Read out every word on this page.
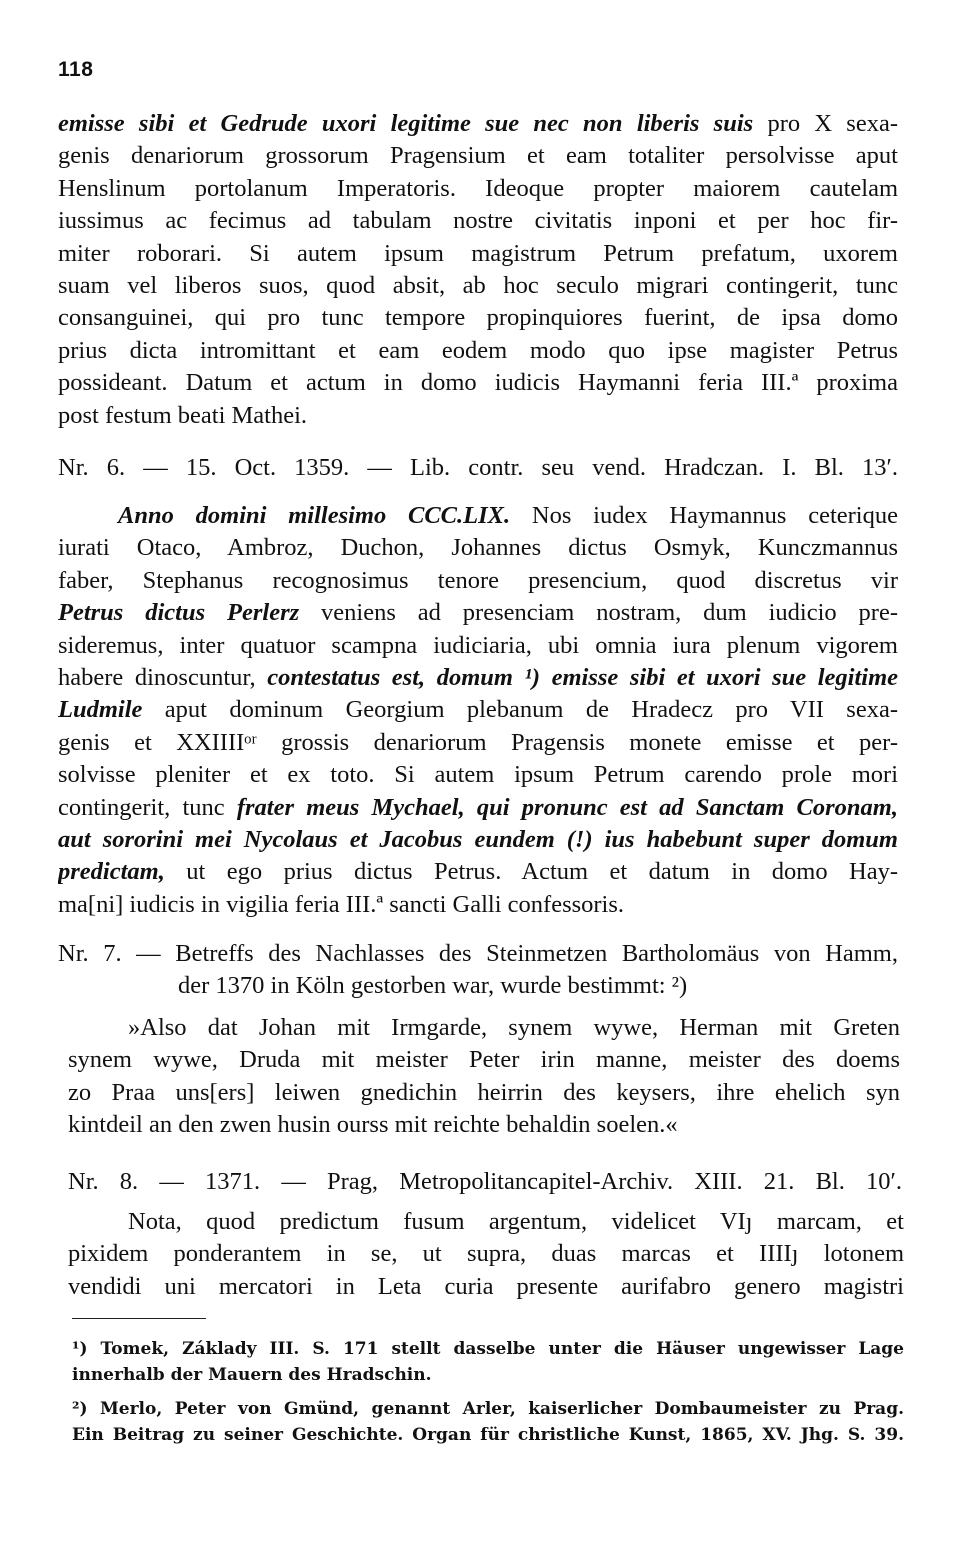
118
emisse sibi et Gedrude uxori legitime sue nec non liberis suis pro X sexa-
genis denariorum grossorum Pragensium et eam totaliter persolvisse aput
Henslinum portolanum Imperatoris. Ideoque propter maiorem cautelam
iussimus ac fecimus ad tabulam nostre civitatis inponi et per hoc fir-
miter roborari. Si autem ipsum magistrum Petrum prefatum, uxorem
suam vel liberos suos, quod absit, ab hoc seculo migrari contingerit, tunc
consanguinei, qui pro tunc tempore propinquiores fuerint, de ipsa domo
prius dicta intromittant et eam eodem modo quo ipse magister Petrus
possideant. Datum et actum in domo iudicis Haymanni feria III.ª proxima
post festum beati Mathei.
Nr. 6. — 15. Oct. 1359. — Lib. contr. seu vend. Hradczan. I. Bl. 13′.
Anno domini millesimo CCC.LIX. Nos iudex Haymannus ceterique
iurati Otaco, Ambroz, Duchon, Johannes dictus Osmyk, Kunczmannus
faber, Stephanus recognosimus tenore presencium, quod discretus vir
Petrus dictus Perlerz veniens ad presenciam nostram, dum iudicio pre-
sideremus, inter quatuor scampna iudiciaria, ubi omnia iura plenum vigorem
habere dinoscuntur, contestatus est, domum ¹) emisse sibi et uxori sue legitime
Ludmile aput dominum Georgium plebanum de Hradecz pro VII sexa-
genis et XXIIIIᵒʳ grossis denariorum Pragensis monete emisse et per-
solvisse pleniter et ex toto. Si autem ipsum Petrum carendo prole mori
contingerit, tunc frater meus Mychael, qui pronunc est ad Sanctam Coronam,
aut sororini mei Nycolaus et Jacobus eundem (!) ius habebunt super domum
predictam, ut ego prius dictus Petrus. Actum et datum in domo Hay-
ma[ni] iudicis in vigilia feria III.ª sancti Galli confessoris.
Nr. 7. — Betreffs des Nachlasses des Steinmetzen Bartholomäus von Hamm,
der 1370 in Köln gestorben war, wurde bestimmt: ²)
»Also dat Johan mit Irmgarde, synem wywe, Herman mit Greten
synem wywe, Druda mit meister Peter irin manne, meister des doems
zo Praa uns[ers] leiwen gnedichin heirrin des keysers, ihre ehelich syn
kintdeil an den zwen husin ourss mit reichte behaldin soelen.«
Nr. 8. — 1371. — Prag, Metropolitancapitel-Archiv. XIII. 21. Bl. 10′.
Nota, quod predictum fusum argentum, videlicet VIȷ marcam, et
pixidem ponderantem in se, ut supra, duas marcas et IIIIȷ lotonem
vendidi uni mercatori in Leta curia presente aurifabro genero magistri
¹) Tomek, Základy III. S. 171 stellt dasselbe unter die Häuser ungewisser Lage
innerhalb der Mauern des Hradschin.
²) Merlo, Peter von Gmünd, genannt Arler, kaiserlicher Dombaumeister zu Prag.
Ein Beitrag zu seiner Geschichte. Organ für christliche Kunst, 1865, XV. Jhg. S. 39.
